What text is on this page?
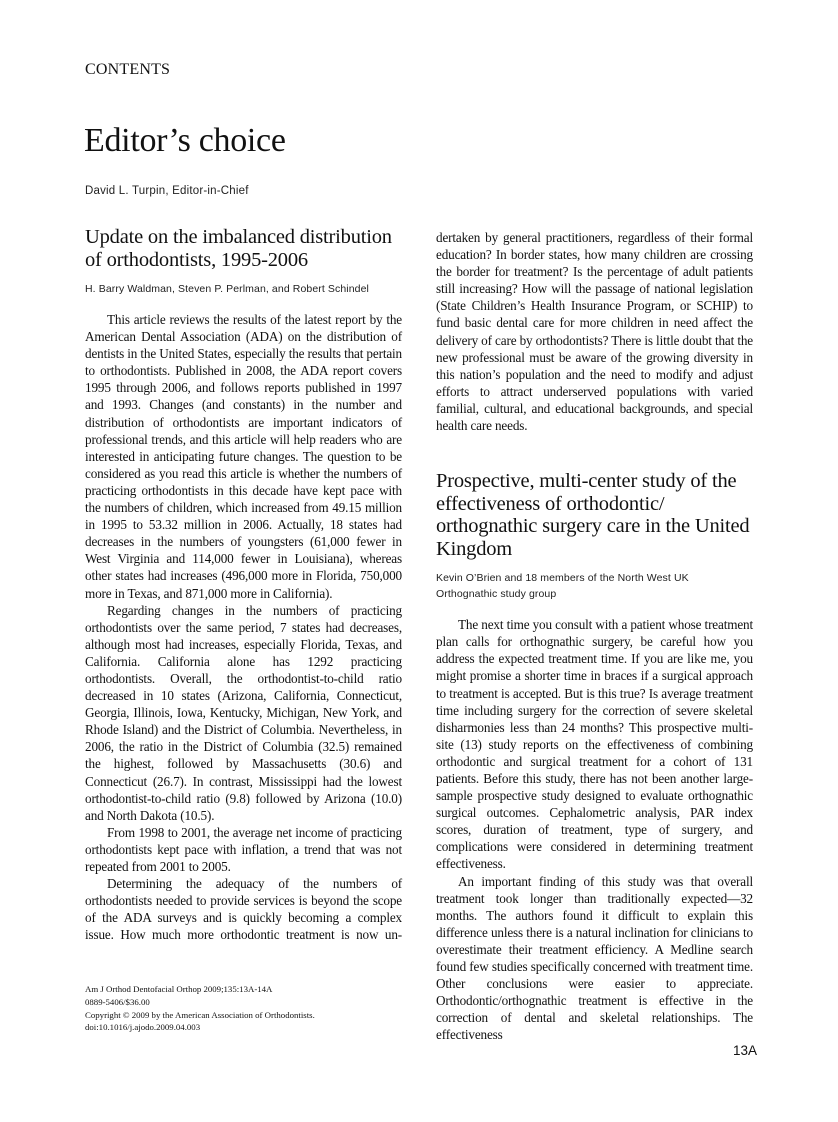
CONTENTS
Editor’s choice
David L. Turpin, Editor-in-Chief
Update on the imbalanced distribution of orthodontists, 1995-2006
H. Barry Waldman, Steven P. Perlman, and Robert Schindel

This article reviews the results of the latest report by the American Dental Association (ADA) on the distribution of dentists in the United States, especially the results that pertain to orthodontists. Published in 2008, the ADA report covers 1995 through 2006, and follows reports published in 1997 and 1993. Changes (and constants) in the number and distribution of orthodontists are important indicators of professional trends, and this article will help readers who are interested in anticipating future changes. The question to be considered as you read this article is whether the numbers of practicing orthodontists in this decade have kept pace with the numbers of children, which increased from 49.15 million in 1995 to 53.32 million in 2006. Actually, 18 states had decreases in the numbers of youngsters (61,000 fewer in West Virginia and 114,000 fewer in Louisiana), whereas other states had increases (496,000 more in Florida, 750,000 more in Texas, and 871,000 more in California).

Regarding changes in the numbers of practicing orthodontists over the same period, 7 states had decreases, although most had increases, especially Florida, Texas, and California. California alone has 1292 practicing orthodontists. Overall, the orthodontist-to-child ratio decreased in 10 states (Arizona, California, Connecticut, Georgia, Illinois, Iowa, Kentucky, Michigan, New York, and Rhode Island) and the District of Columbia. Nevertheless, in 2006, the ratio in the District of Columbia (32.5) remained the highest, followed by Massachusetts (30.6) and Connecticut (26.7). In contrast, Mississippi had the lowest orthodontist-to-child ratio (9.8) followed by Arizona (10.0) and North Dakota (10.5).

From 1998 to 2001, the average net income of practicing orthodontists kept pace with inflation, a trend that was not repeated from 2001 to 2005.

Determining the adequacy of the numbers of orthodontists needed to provide services is beyond the scope of the ADA surveys and is quickly becoming a complex issue. How much more orthodontic treatment is now un-

dertaken by general practitioners, regardless of their formal education? In border states, how many children are crossing the border for treatment? Is the percentage of adult patients still increasing? How will the passage of national legislation (State Children’s Health Insurance Program, or SCHIP) to fund basic dental care for more children in need affect the delivery of care by orthodontists? There is little doubt that the new professional must be aware of the growing diversity in this nation’s population and the need to modify and adjust efforts to attract underserved populations with varied familial, cultural, and educational backgrounds, and special health care needs.

Prospective, multi-center study of the effectiveness of orthodontic/ orthognathic surgery care in the United Kingdom
Kevin O’Brien and 18 members of the North West UK Orthognathic study group

The next time you consult with a patient whose treatment plan calls for orthognathic surgery, be careful how you address the expected treatment time. If you are like me, you might promise a shorter time in braces if a surgical approach to treatment is accepted. But is this true? Is average treatment time including surgery for the correction of severe skeletal disharmonies less than 24 months? This prospective multi-site (13) study reports on the effectiveness of combining orthodontic and surgical treatment for a cohort of 131 patients. Before this study, there has not been another large-sample prospective study designed to evaluate orthognathic surgical outcomes. Cephalometric analysis, PAR index scores, duration of treatment, type of surgery, and complications were considered in determining treatment effectiveness.

An important finding of this study was that overall treatment took longer than traditionally expected—32 months. The authors found it difficult to explain this difference unless there is a natural inclination for clinicians to overestimate their treatment efficiency. A Medline search found few studies specifically concerned with treatment time. Other conclusions were easier to appreciate. Orthodontic/orthognathic treatment is effective in the correction of dental and skeletal relationships. The effectiveness

Am J Orthod Dentofacial Orthop 2009;135:13A-14A
0889-5406/$36.00
Copyright © 2009 by the American Association of Orthodontists.
doi:10.1016/j.ajodo.2009.04.003
13A
